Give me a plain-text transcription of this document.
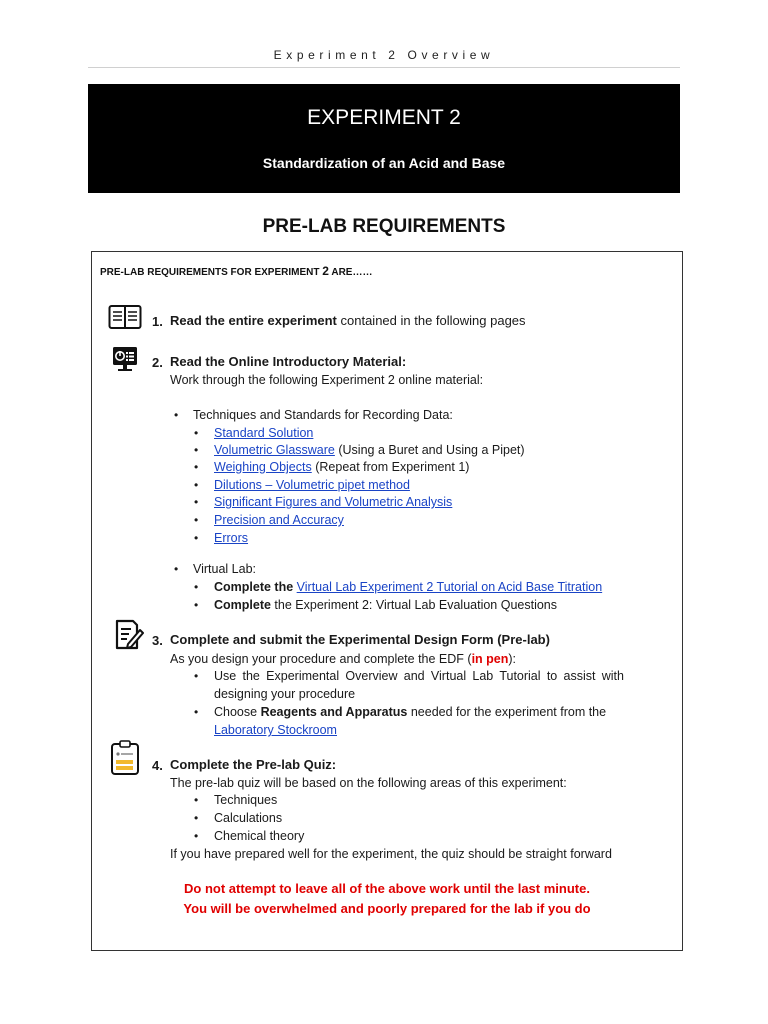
Experiment 2 Overview
EXPERIMENT 2
Standardization of an Acid and Base
PRE-LAB REQUIREMENTS
PRE-LAB REQUIREMENTS FOR EXPERIMENT 2 ARE……
1. Read the entire experiment contained in the following pages
2. Read the Online Introductory Material:
Work through the following Experiment 2 online material:
• Techniques and Standards for Recording Data:
• Standard Solution
• Volumetric Glassware (Using a Buret and Using a Pipet)
• Weighing Objects (Repeat from Experiment 1)
• Dilutions – Volumetric pipet method
• Significant Figures and Volumetric Analysis
• Precision and Accuracy
• Errors
• Virtual Lab:
• Complete the Virtual Lab Experiment 2 Tutorial on Acid Base Titration
• Complete the Experiment 2: Virtual Lab Evaluation Questions
3. Complete and submit the Experimental Design Form (Pre-lab)
As you design your procedure and complete the EDF (in pen):
• Use the Experimental Overview and Virtual Lab Tutorial to assist with
designing your procedure
• Choose Reagents and Apparatus needed for the experiment from the
Laboratory Stockroom
4. Complete the Pre-lab Quiz:
The pre-lab quiz will be based on the following areas of this experiment:
• Techniques
• Calculations
• Chemical theory
If you have prepared well for the experiment, the quiz should be straight forward
Do not attempt to leave all of the above work until the last minute.
You will be overwhelmed and poorly prepared for the lab if you do
